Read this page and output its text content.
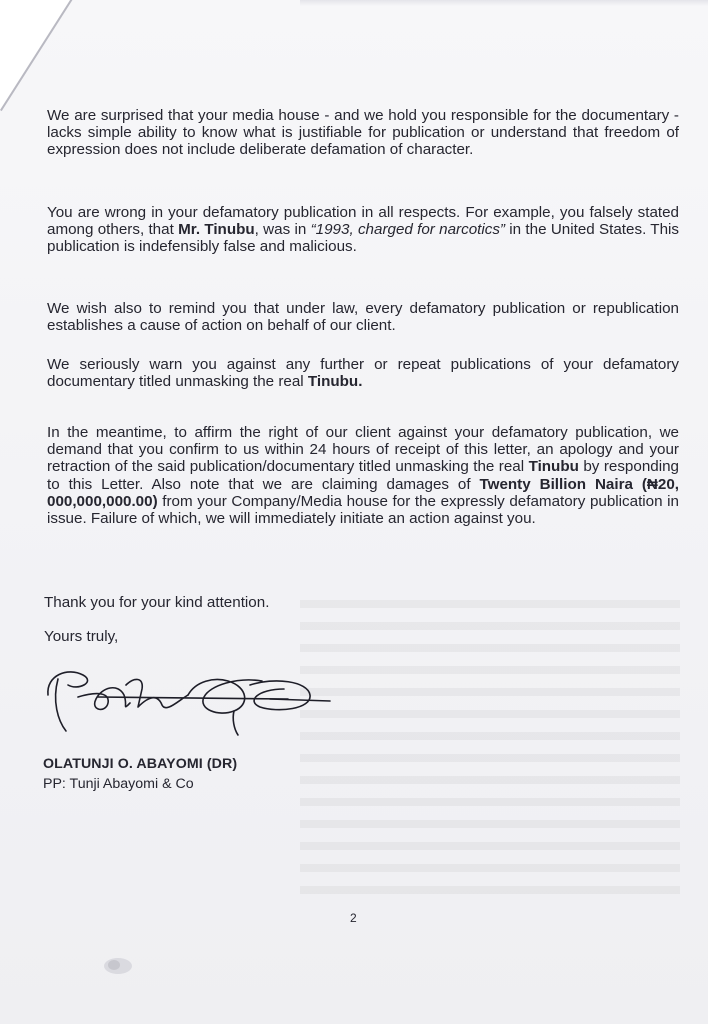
We are surprised that your media house - and we hold you responsible for the documentary - lacks simple ability to know what is justifiable for publication or understand that freedom of expression does not include deliberate defamation of character.
You are wrong in your defamatory publication in all respects. For example, you falsely stated among others, that Mr. Tinubu, was in “1993, charged for narcotics” in the United States. This publication is indefensibly false and malicious.
We wish also to remind you that under law, every defamatory publication or republication establishes a cause of action on behalf of our client.
We seriously warn you against any further or repeat publications of your defamatory documentary titled unmasking the real Tinubu.
In the meantime, to affirm the right of our client against your defamatory publication, we demand that you confirm to us within 24 hours of receipt of this letter, an apology and your retraction of the said publication/documentary titled unmasking the real Tinubu by responding to this Letter. Also note that we are claiming damages of Twenty Billion Naira (₦20, 000,000,000.00) from your Company/Media house for the expressly defamatory publication in issue. Failure of which, we will immediately initiate an action against you.
Thank you for your kind attention.
Yours truly,
OLATUNJI O. ABAYOMI (DR)
PP: Tunji Abayomi & Co
2
